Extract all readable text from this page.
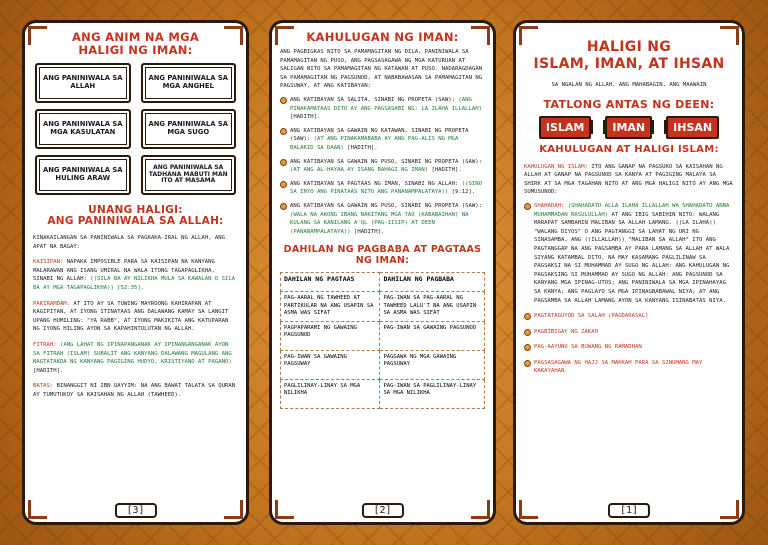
ANG ANIM NA MGA
HALIGI NG IMAN:
ANG PANINIWALA SA ALLAH
ANG PANINIWALA SA MGA ANGHEL
ANG PANINIWALA SA MGA KASULATAN
ANG PANINIWALA SA MGA SUGO
ANG PANINIWALA SA HULING ARAW
ANG PANINIWALA SA TADHANA MABUTI MAN ITO AT MASAMA
UNANG HALIGI:
ANG PANINIWALA SA ALLAH:
KINAKAILANGAN SA PANINIWALA SA PAGKAKA-IRAL NG ALLAH, ANG APAT NA BAGAY:
KAISIPAN: NAPAKA IMPOSIBLE PARA SA KAISIPAN NA KANYANG MALARAWAN ANG ISANG UMIRAL NA WALA ITONG TAGAPAGLIKHA, SINABI NG ALLAH: ((SILA BA AY NILIKHA MULA SA KAWALAN O SILA BA AY MGA TAGAPAGLIKHA)) [52:35].
PAKIRAMDAM: AT ITO AY SA TUWING MAYROONG KAHIRAPAN AT KAGIPITAN, AT IYONG ITINATAAS ANG DALAWANG KAMAY SA LANGIT UPANG HUMILING: "YA RABB", AT IYONG MAKIKITA ANG KATUPARAN NG IYONG HILING AYON SA KAPAHINTULUTAN NG ALLAH.
FITRAH: (ANG LAHAT NG IPINAPANGANAK AY IPINANGANGANAK AYON SA FITRAH (ISLAM) SUBALIT ANG KANYANG DALAWANG MAGULANG ANG NAGTATAKDA NG KANYANG PAGIGING HUDYO, KRISTIYANO AT PAGANO) [HADITH].
BATAS: BINANGGIT NI IBN QAYYIM: NA ANG BAWAT TALATA SA QURAN AY TUMUTUKOY SA KAISAHAN NG ALLAH (TAWHEED).
[3]
KAHULUGAN NG IMAN:
ANG PAGBIGKAS NITO SA PAMAMAGITAN NG DILA, PANINIWALA SA PAMAMAGITAN NG PUSO, ANG PAGSASAGAWA NG MGA KATURUAN AT SALIGAN NITO SA PAMAMAGITAN NG KATAWAN AT PUSO. NADARAGDAGAN SA PAMAMAGITAN NG PAGSUNOD, AT NABABAWASAN SA PAMAMAGITAN NG PAGSUWAY, AT ANG KATIBAYAN:
ANG KATIBAYAN SA SALITA, SINABI NG PROPETA (SAW): (ANG PINAKAMATAAS DITO AY ANG PAGSASABI NG: LA ILAHA ILLALLAH) [HADITH].
ANG KATIBAYAN SA GAWAIN NG KATAWAN, SINABI NG PROPETA (SAW): (AT ANG PINAKAMABABA AY ANG PAG-ALIS NG MGA BALAKID SA DAAN) [HADITH].
ANG KATIBAYAN SA GAWAIN NG PUSO, SINABI NG PROPETA (SAW): (AT ANG AL-HAYAA AY ISANG BAHAGI NG IMAN) [HADITH].
ANG KATIBAYAN SA PAGTAAS NG IMAN, SINABI NG ALLAH: ((SINO SA INYO ANG PINATAAS NITO ANG PANANAMPALATAYA)) [9:12].
ANG KATIBAYAN SA GAWAIN NG PUSO, SINABI NG PROPETA (SAW): (WALA NA AKONG IBANG NAKITANG MGA TAO (KABABAIHAN) NA KULANG SA KANILANG A'QL (PAG-IISIP) AT DEEN (PANANAMPALATAYA)) [HADITH].
DAHILAN NG PAGBABA AT PAGTAAS NG IMAN:
DAHILAN NG PAGTAAS	DAHILAN NG PAGBABA
PAG-AARAL NG TAWHEED AT PARTIKULAR NA ANG USAPIN SA ASMA WAS SIFAT	PAG-IWAN SA PAG-AARAL NG TAWHEED LALU'T NA ANG USAPIN SA ASMA WAS SIFAT
PAGPAPARAMI NG GAWAING PAGSUNOD	PAG-IWAN SA GAWAING PAGSUNOD
PAG-IWAN SA GAWAING PAGSUWAY	PAGGAWA NG MGA GAWAING PAGSUWAY
PAGLILINAY-LINAY SA MGA NILIKHA	PAG-IWAN SA PAGLILINAY-LINAY SA MGA NILIKHA
[2]
HALIGI NG
ISLAM, IMAN, AT IHSAN
SA NGALAN NG ALLAH, ANG MAHABAGIN, ANG MAAWAIN
TATLONG ANTAS NG DEEN:
ISLAM	IMAN	IHSAN
KAHULUGAN AT HALIGI ISLAM:
KAHULUGAN NG ISLAM: ITO ANG GANAP NA PAGSUKO SA KAISAHAN NG ALLAH AT GANAP NA PAGSUNOD SA KANYA AT PAGIGING MALAYA SA SHIRK AT SA MGA TAGAHAN NITO AT ANG MGA HALIGI NITO AY ANG MGA SUMUSUNOD:
SHAHADAH: (SHAHADATU ALLA ILAHA ILLALLAH WA SHAHADATU ANNA MUHAMMADAN RASULULLAH) AT ANG IBIG SABIHIN NITO: WALANG MARAPAT SAMBAHIN MALIBAN SA ALLAH LAMANG. ((LA ILAHA)) "WALANG DIYOS" O ANG PAGTANGGI SA LAHAT NG URI NG SINASAMBA, ANG ((ILLALLAH)) "MALIBAN SA ALLAH" ITO ANG PAGTANGGAP NA ANG PAGSAMBA AY PARA LAMANG SA ALLAH AT WALA SIYANG KATAMBAL DITO, NA MAY KASAMANG PAGLILINAW SA PAGSAKSI NA SI MUHAMMAD AY SUGO NG ALLAH: ANG KAHULUGAN NG PAGSAKSING SI MUHAMMAD AY SUGO NG ALLAH: ANG PAGSUNOD SA KANYANG MGA IPINAG-UTOS; ANG PANINIWALA SA MGA IPINAHAYAG SA KANYA; ANG PAGLAYO SA MGA IPINAGBABAWAL NIYA; AT ANG PAGSAMBA SA ALLAH LAMANG AYON SA KANYANG ISINABATAS NIYA.
PAGTATAGUYOD SA SALAH (PAGDARASAL)
PAGBIBIGAY NG ZAKAH
PAG-AAYUNO SA BUWANG NG RAMADHAN
PAGSASAGAWA NG HAJJ SA MAKKAH PARA SA SINUMANG MAY KAKAYAHAN.
[1]
